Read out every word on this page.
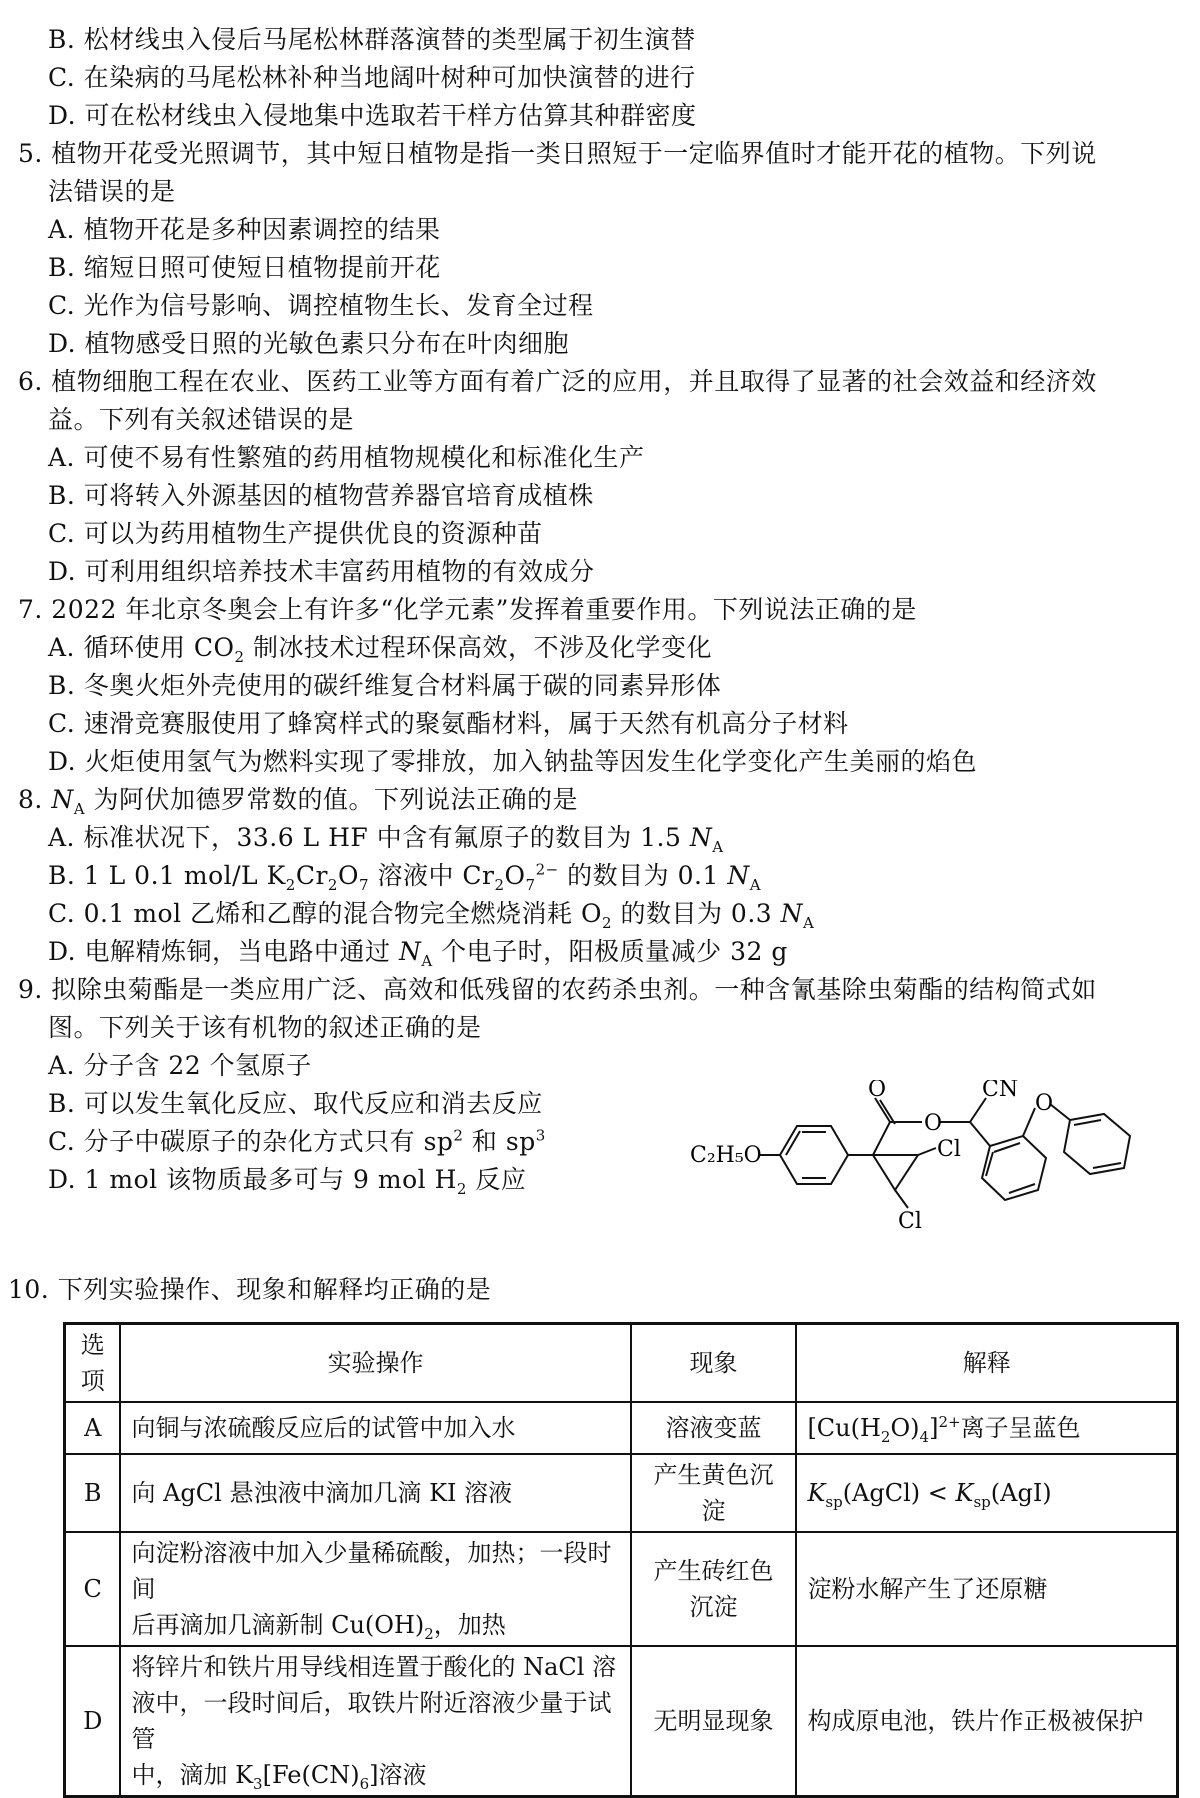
B. 松材线虫入侵后马尾松林群落演替的类型属于初生演替
C. 在染病的马尾松林补种当地阔叶树种可加快演替的进行
D. 可在松材线虫入侵地集中选取若干样方估算其种群密度
5. 植物开花受光照调节，其中短日植物是指一类日照短于一定临界值时才能开花的植物。下列说
法错误的是
A. 植物开花是多种因素调控的结果
B. 缩短日照可使短日植物提前开花
C. 光作为信号影响、调控植物生长、发育全过程
D. 植物感受日照的光敏色素只分布在叶肉细胞
6. 植物细胞工程在农业、医药工业等方面有着广泛的应用，并且取得了显著的社会效益和经济效
益。下列有关叙述错误的是
A. 可使不易有性繁殖的药用植物规模化和标准化生产
B. 可将转入外源基因的植物营养器官培育成植株
C. 可以为药用植物生产提供优良的资源种苗
D. 可利用组织培养技术丰富药用植物的有效成分
7. 2022 年北京冬奥会上有许多“化学元素”发挥着重要作用。下列说法正确的是
A. 循环使用 $CO_2$ 制冰技术过程环保高效，不涉及化学变化
B. 冬奥火炬外壳使用的碳纤维复合材料属于碳的同素异形体
C. 速滑竞赛服使用了蜂窝样式的聚氨酯材料，属于天然有机高分子材料
D. 火炬使用氢气为燃料实现了零排放，加入钠盐等因发生化学变化产生美丽的焰色
8. $N_A$ 为阿伏加德罗常数的值。下列说法正确的是
A. 标准状况下，33.6 L HF 中含有氟原子的数目为 1.5 $N_A$
B. 1 L 0.1 mol/L $K_2Cr_2O_7$ 溶液中 $Cr_2O_7^{2-}$ 的数目为 0.1 $N_A$
C. 0.1 mol 乙烯和乙醇的混合物完全燃烧消耗 $O_2$ 的数目为 0.3 $N_A$
D. 电解精炼铜，当电路中通过 $N_A$ 个电子时，阳极质量减少 32 g
9. 拟除虫菊酯是一类应用广泛、高效和低残留的农药杀虫剂。一种含氰基除虫菊酯的结构简式如
图。下列关于该有机物的叙述正确的是
A. 分子含 22 个氢原子
B. 可以发生氧化反应、取代反应和消去反应
C. 分子中碳原子的杂化方式只有 $sp^2$ 和 $sp^3$
D. 1 mol 该物质最多可与 9 mol $H_2$ 反应
C₂H₅O
O
O
CN
O
Cl
Cl
10. 下列实验操作、现象和解释均正确的是
选项	实验操作	现象	解释
A	向铜与浓硫酸反应后的试管中加入水	溶液变蓝	$[Cu(H_2O)_4]^{2+}$离子呈蓝色
B	向 AgCl 悬浊液中滴加几滴 KI 溶液	产生黄色沉淀	$K_{sp}(AgCl) < K_{sp}(AgI)$
C	向淀粉溶液中加入少量稀硫酸，加热；一段时间
后再滴加几滴新制 $Cu(OH)_2$，加热	产生砖红色沉淀	淀粉水解产生了还原糖
D	将锌片和铁片用导线相连置于酸化的 NaCl 溶
液中，一段时间后，取铁片附近溶液少量于试管
中，滴加 $K_3[Fe(CN)_6]$溶液	无明显现象	构成原电池，铁片作正极被保护
